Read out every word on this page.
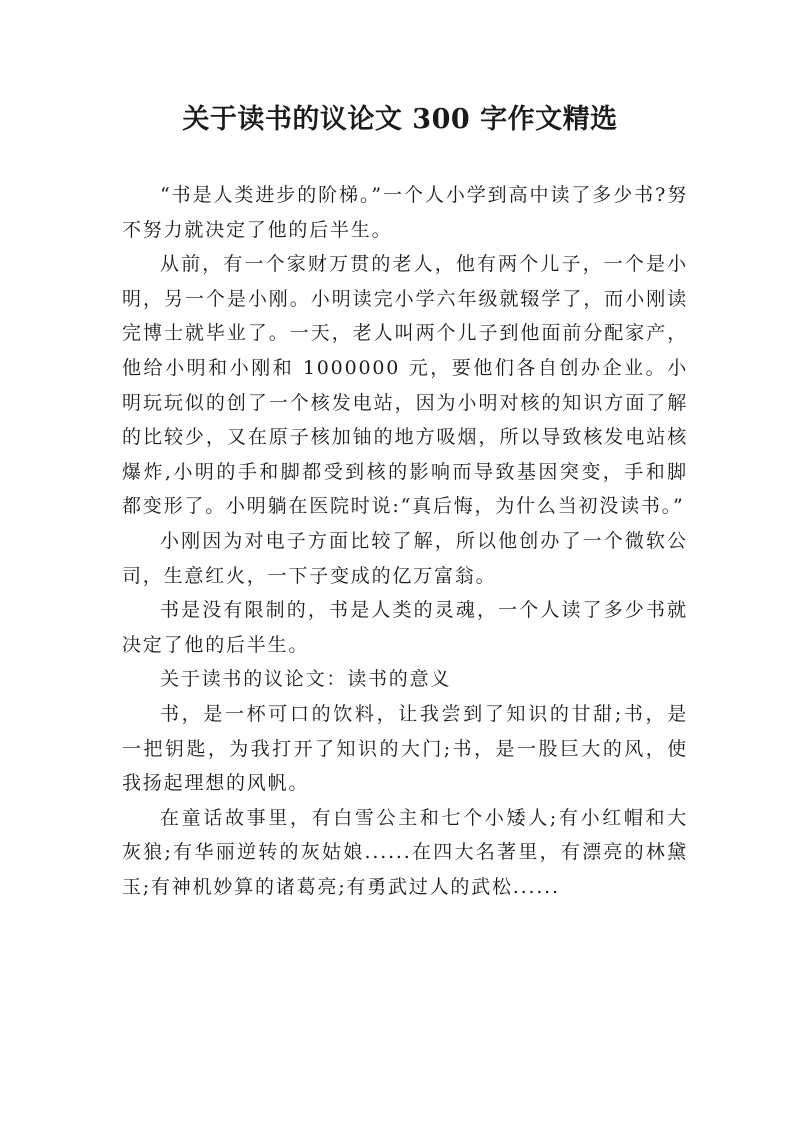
关于读书的议论文 300 字作文精选

“书是人类进步的阶梯。”一个人小学到高中读了多少书?努不努力就决定了他的后半生。

从前，有一个家财万贯的老人，他有两个儿子，一个是小明，另一个是小刚。小明读完小学六年级就辍学了，而小刚读完博士就毕业了。一天，老人叫两个儿子到他面前分配家产，他给小明和小刚和 1000000 元，要他们各自创办企业。小明玩玩似的创了一个核发电站，因为小明对核的知识方面了解的比较少，又在原子核加铀的地方吸烟，所以导致核发电站核爆炸,小明的手和脚都受到核的影响而导致基因突变，手和脚都变形了。小明躺在医院时说:“真后悔，为什么当初没读书。”

小刚因为对电子方面比较了解，所以他创办了一个微软公司，生意红火，一下子变成的亿万富翁。

书是没有限制的，书是人类的灵魂，一个人读了多少书就决定了他的后半生。

关于读书的议论文：读书的意义

书，是一杯可口的饮料，让我尝到了知识的甘甜;书，是一把钥匙，为我打开了知识的大门;书，是一股巨大的风，使我扬起理想的风帆。

在童话故事里，有白雪公主和七个小矮人;有小红帽和大灰狼;有华丽逆转的灰姑娘......在四大名著里，有漂亮的林黛玉;有神机妙算的诸葛亮;有勇武过人的武松......
